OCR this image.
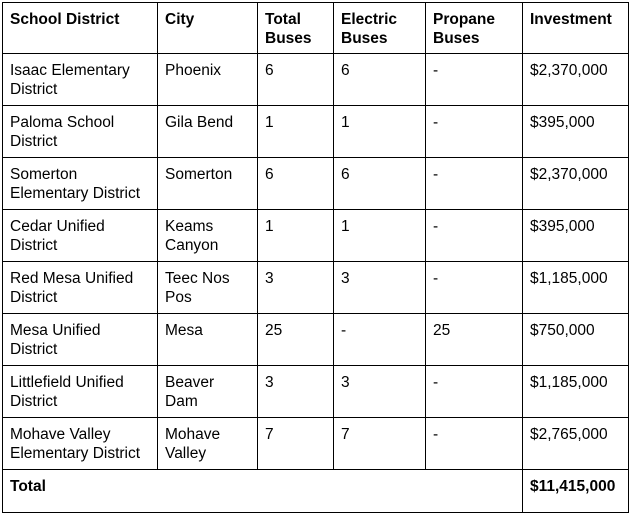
School District	City	Total Buses	Electric Buses	Propane Buses	Investment
Isaac Elementary District	Phoenix	6	6	-	$2,370,000
Paloma School District	Gila Bend	1	1	-	$395,000
Somerton Elementary District	Somerton	6	6	-	$2,370,000
Cedar Unified District	Keams Canyon	1	1	-	$395,000
Red Mesa Unified District	Teec Nos Pos	3	3	-	$1,185,000
Mesa Unified District	Mesa	25	-	25	$750,000
Littlefield Unified District	Beaver Dam	3	3	-	$1,185,000
Mohave Valley Elementary District	Mohave Valley	7	7	-	$2,765,000
Total					$11,415,000
